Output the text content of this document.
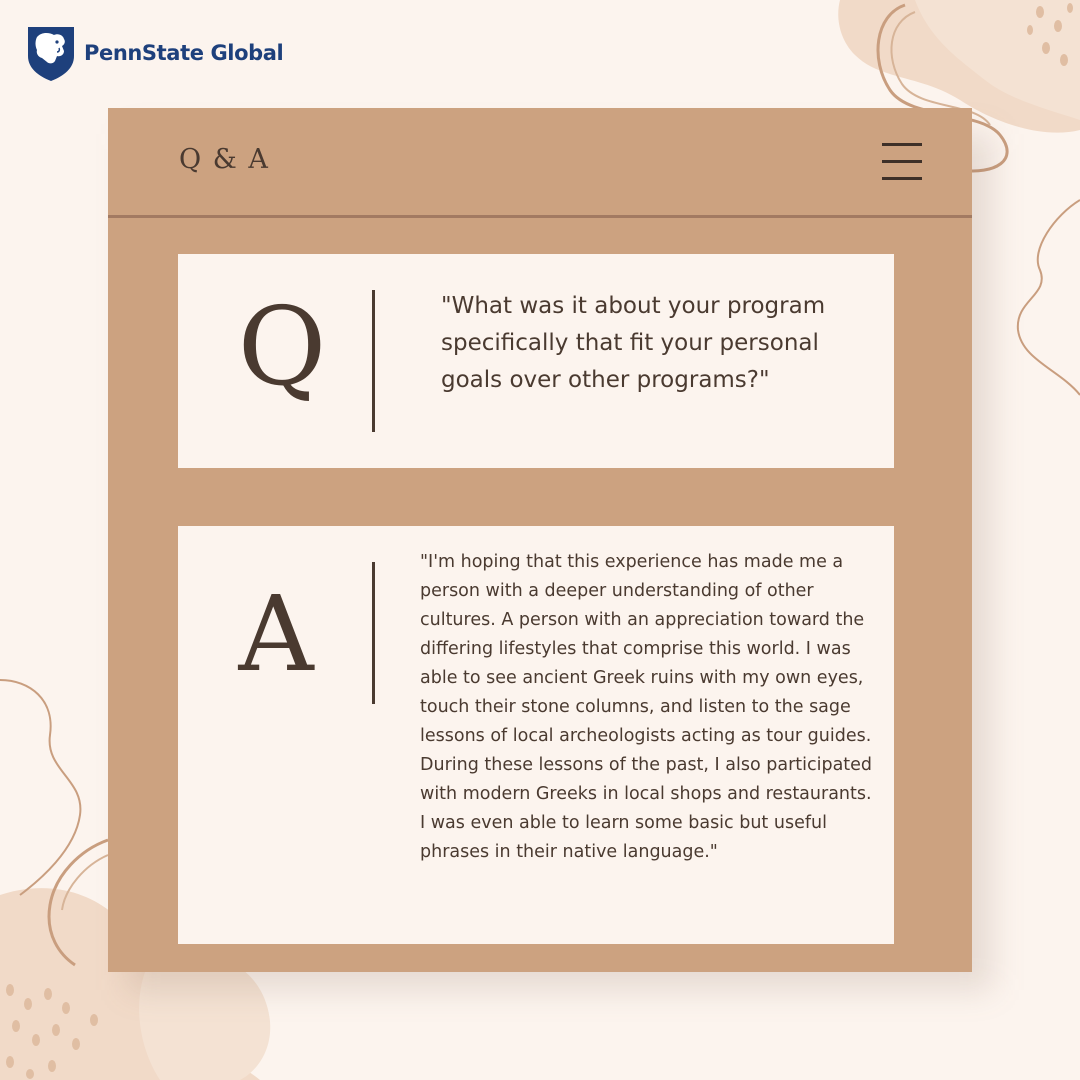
PennState Global
Q & A
Q	"What was it about your program specifically that fit your personal goals over other programs?"
A
"I'm hoping that this experience has made me a person with a deeper understanding of other cultures. A person with an appreciation toward the differing lifestyles that comprise this world. I was able to see ancient Greek ruins with my own eyes, touch their stone columns, and listen to the sage lessons of local archeologists acting as tour guides. During these lessons of the past, I also participated with modern Greeks in local shops and restaurants. I was even able to learn some basic but useful phrases in their native language."
